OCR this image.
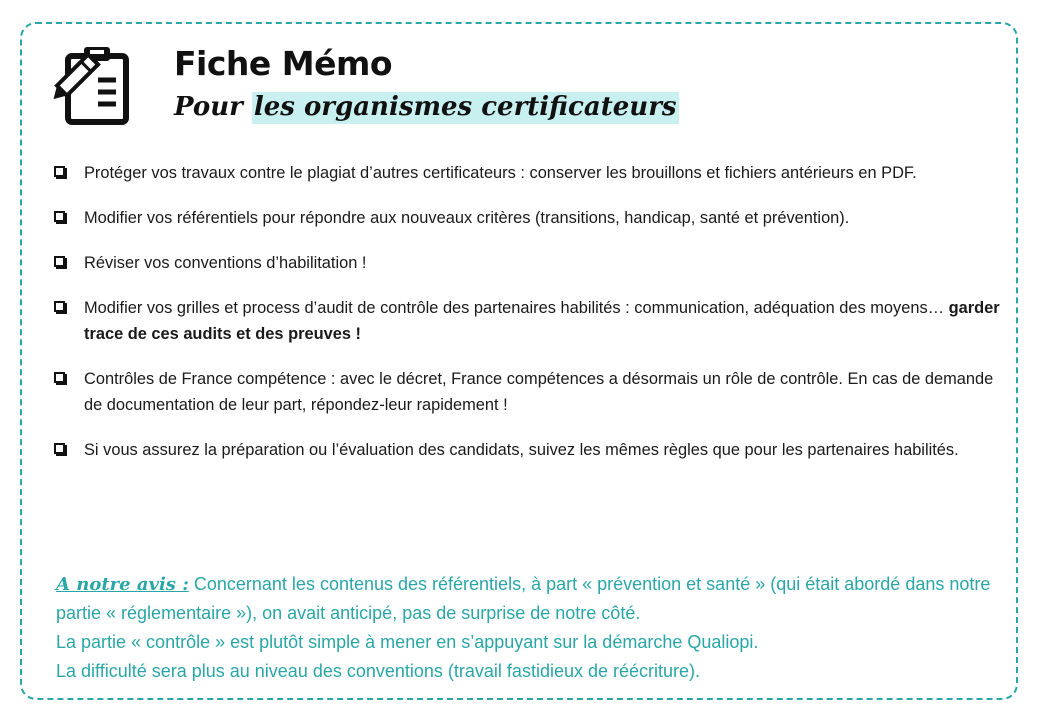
Fiche Mémo

Pour les organismes certificateurs

Protéger vos travaux contre le plagiat d’autres certificateurs : conserver les brouillons et fichiers antérieurs en PDF.
Modifier vos référentiels pour répondre aux nouveaux critères (transitions, handicap, santé et prévention).
Réviser vos conventions d’habilitation !
Modifier vos grilles et process d’audit de contrôle des partenaires habilités : communication, adéquation des moyens… garder trace de ces audits et des preuves !
Contrôles de France compétence : avec le décret, France compétences a désormais un rôle de contrôle. En cas de demande de documentation de leur part, répondez-leur rapidement !
Si vous assurez la préparation ou l’évaluation des candidats, suivez les mêmes règles que pour les partenaires habilités.

A notre avis : Concernant les contenus des référentiels, à part « prévention et santé » (qui était abordé dans notre partie « réglementaire »), on avait anticipé, pas de surprise de notre côté.

La partie « contrôle » est plutôt simple à mener en s’appuyant sur la démarche Qualiopi.

La difficulté sera plus au niveau des conventions (travail fastidieux de réécriture).
